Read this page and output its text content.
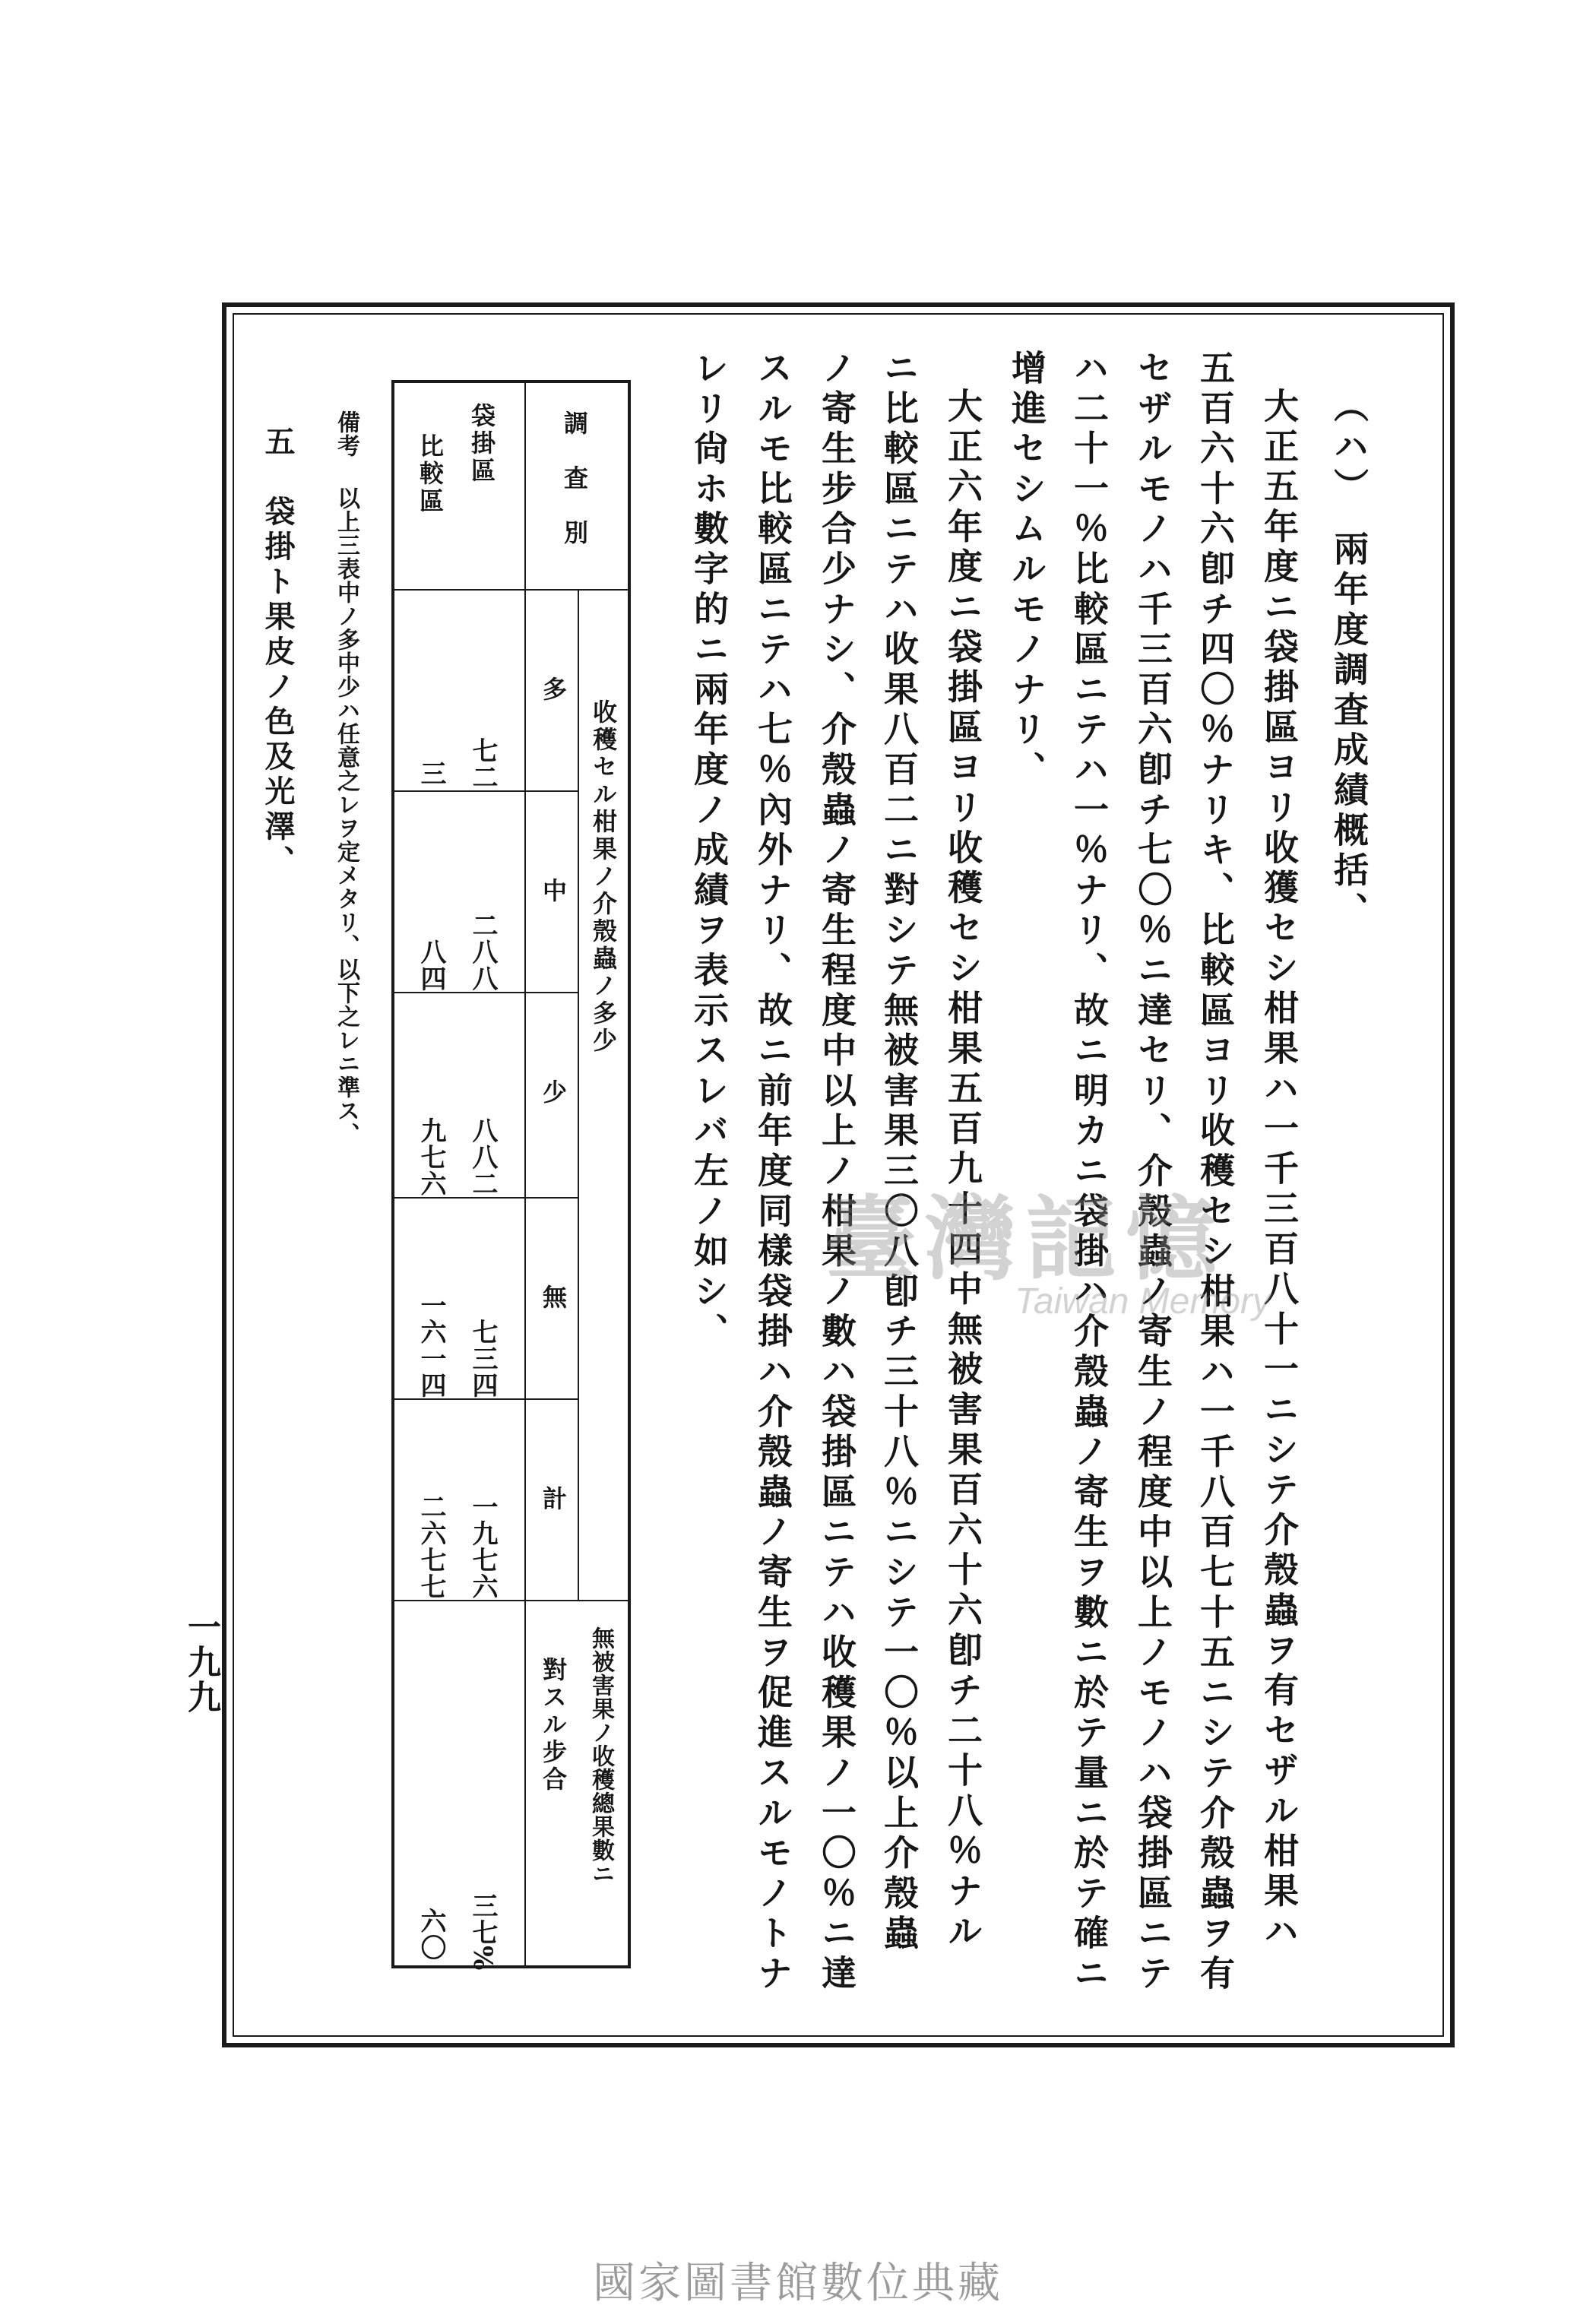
（ハ）　兩年度調査成績概括、
大正五年度ニ袋掛區ヨリ收獲セシ柑果ハ一千三百八十一ニシテ介殼蟲ヲ有セザル柑果ハ
五百六十六卽チ四〇％ナリキ、比較區ヨリ收穫セシ柑果ハ一千八百七十五ニシテ介殼蟲ヲ有
セザルモノハ千三百六卽チ七〇％ニ達セリ、介殼蟲ノ寄生ノ程度中以上ノモノハ袋掛區ニテ
ハ二十一％比較區ニテハ一％ナリ、故ニ明カニ袋掛ハ介殼蟲ノ寄生ヲ數ニ於テ量ニ於テ確ニ
增進セシムルモノナリ、
大正六年度ニ袋掛區ヨリ收穫セシ柑果五百九十四中無被害果百六十六卽チ二十八％ナル
ニ比較區ニテハ收果八百二ニ對シテ無被害果三〇八卽チ三十八％ニシテ一〇％以上介殼蟲
ノ寄生步合少ナシ、介殼蟲ノ寄生程度中以上ノ柑果ノ數ハ袋掛區ニテハ收穫果ノ一〇％ニ達
スルモ比較區ニテハ七％內外ナリ、故ニ前年度同樣袋掛ハ介殼蟲ノ寄生ヲ促進スルモノトナ
レリ尙ホ數字的ニ兩年度ノ成績ヲ表示スレバ左ノ如シ、
調　査　別
袋掛區
比較區
收穫セル柑果ノ介殼蟲ノ多少
多
中
少
無
計
無被害果ノ收穫總果數ニ
對スル步合
七二
二八八
八八二
七三四
一九七六
三七%
三
八四
九七六
一六一四
二六七七
六〇
備考
以上三表中ノ多中少ハ任意之レヲ定メタリ、以下之レニ準ス、
五　袋掛ト果皮ノ色及光澤、
一九九
臺灣記憶
Taiwan Memory
國家圖書館數位典藏
